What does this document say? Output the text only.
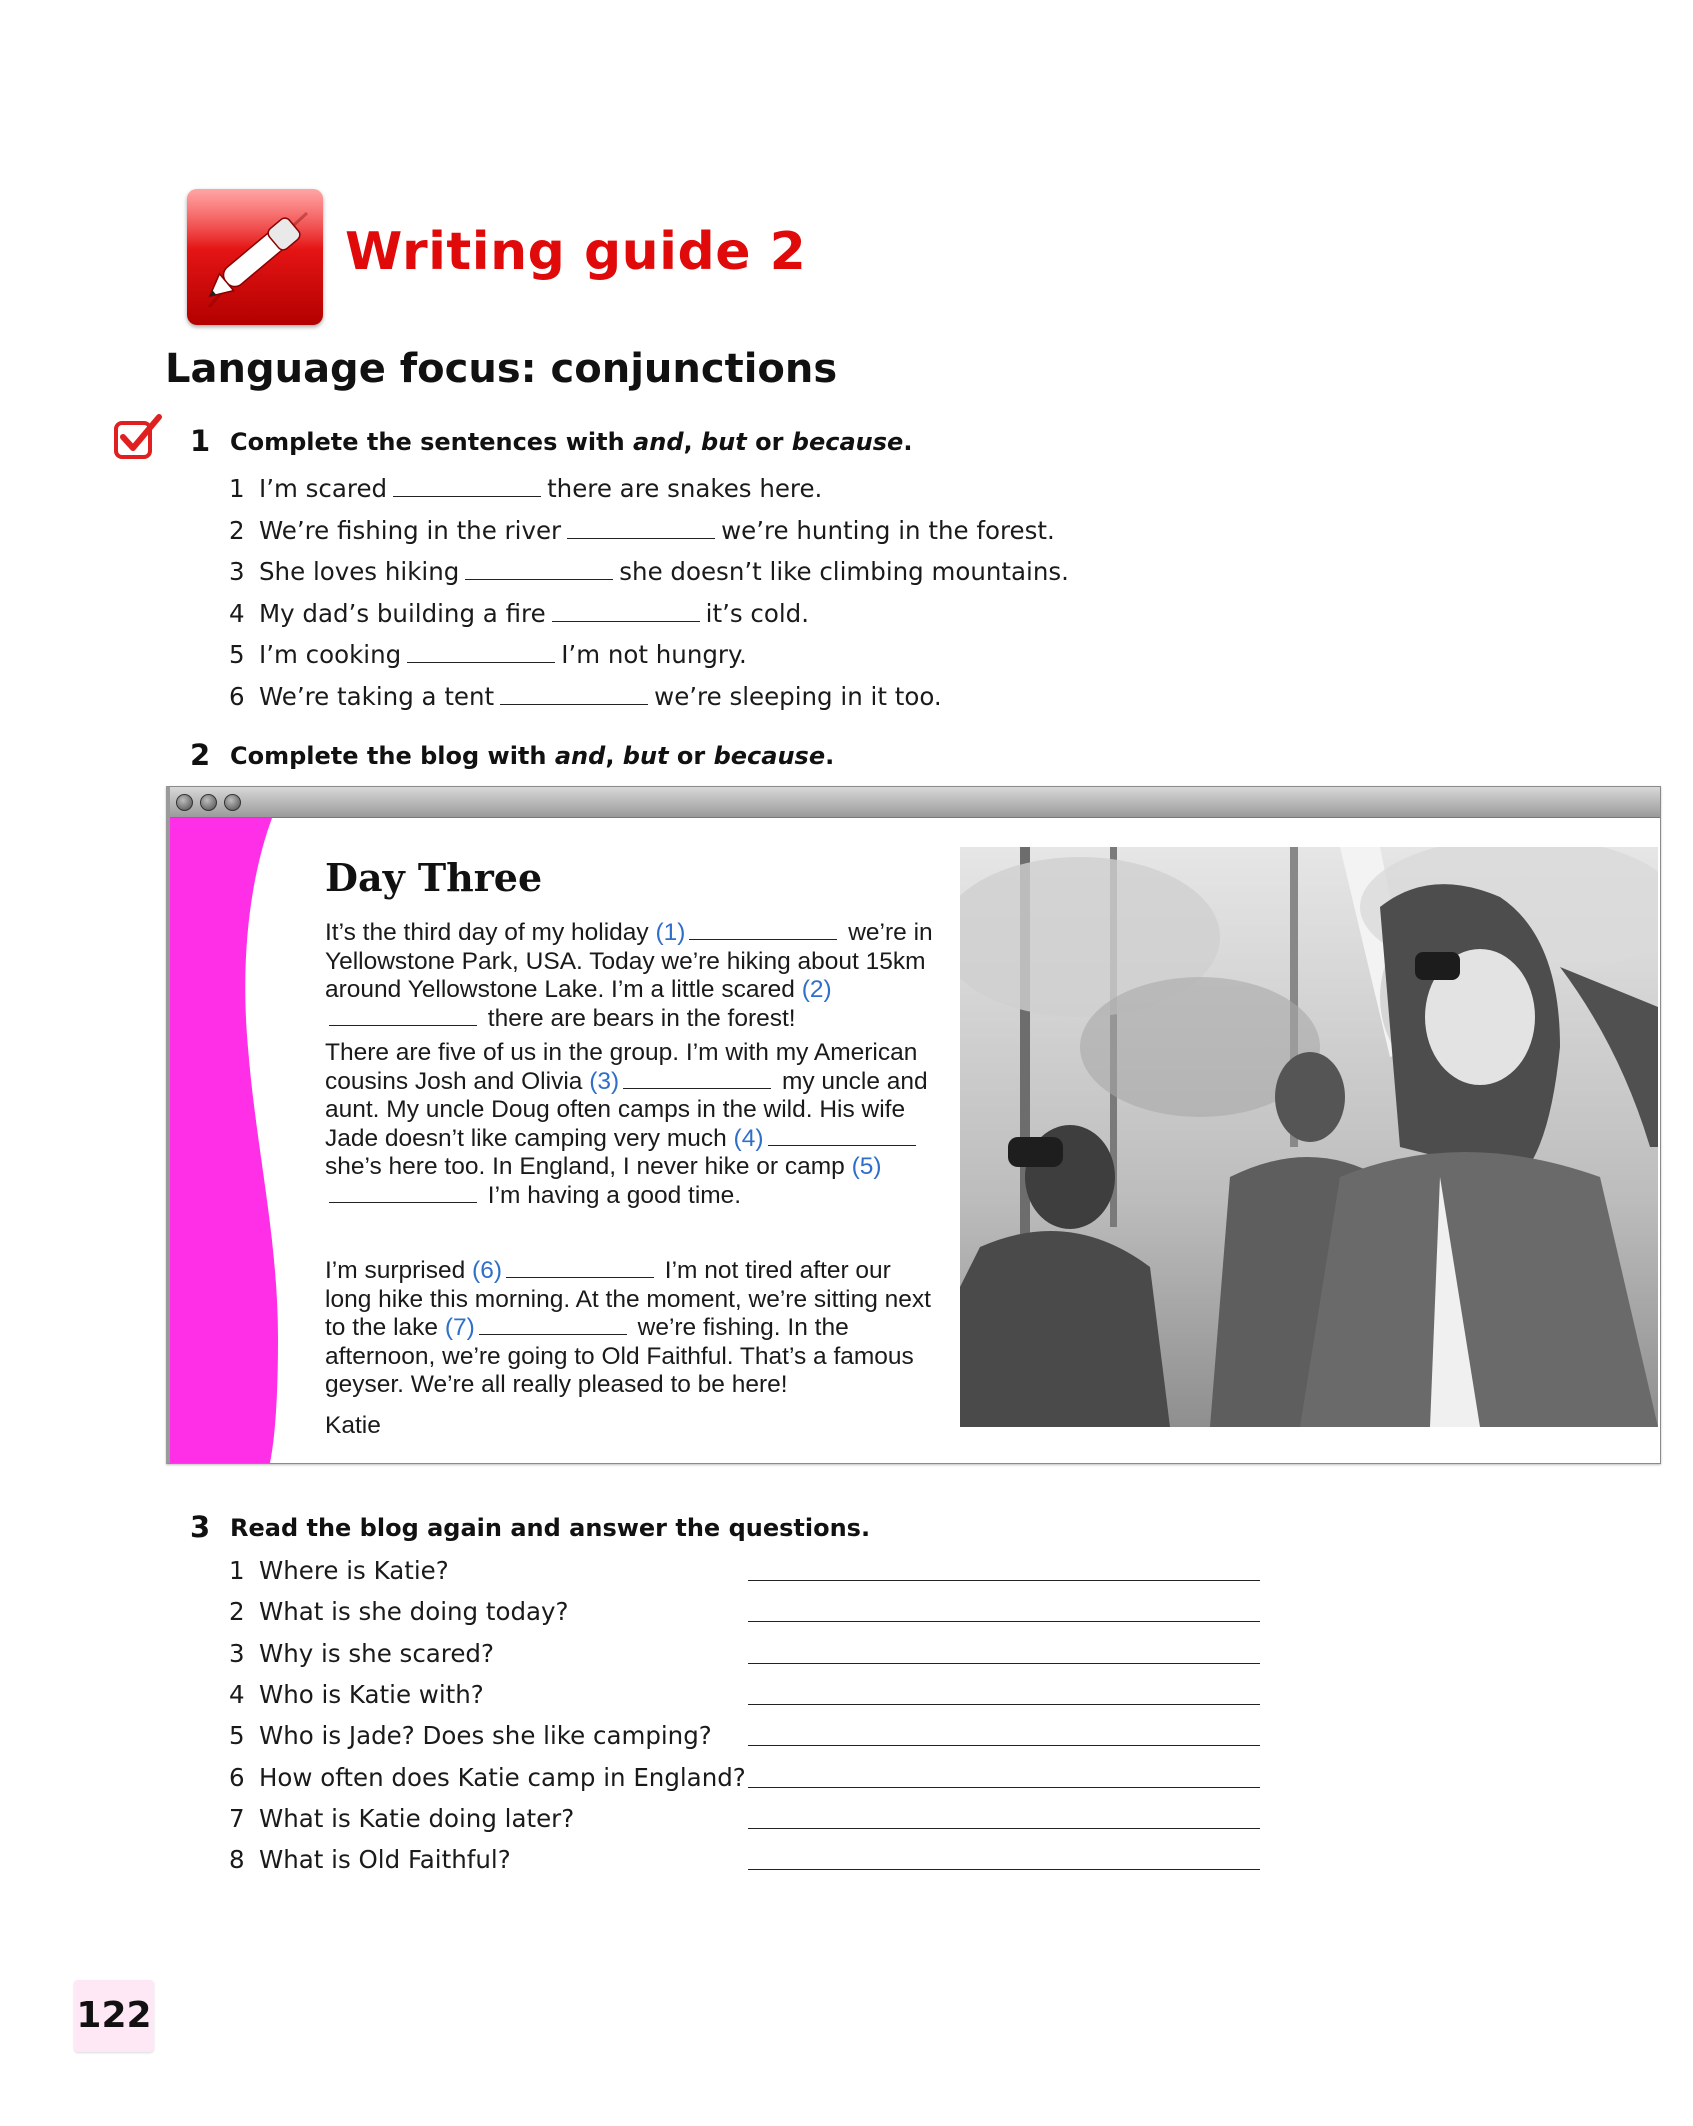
Writing guide 2
Language focus: conjunctions
1 Complete the sentences with and, but or because.
1 I’m scared	there are snakes here.
2 We’re fishing in the river	we’re hunting in the forest.
3 She loves hiking	she doesn’t like climbing mountains.
4 My dad’s building a fire	it’s cold.
5 I’m cooking	I’m not hungry.
6 We’re taking a tent	we’re sleeping in it too.
2 Complete the blog with and, but or because.
Day Three
It’s the third day of my holiday (1)	we’re in Yellowstone Park, USA. Today we’re hiking about 15km around Yellowstone Lake. I’m a little scared (2) there are bears in the forest!
There are five of us in the group. I’m with my American cousins Josh and Olivia (3)	my uncle and aunt. My uncle Doug often camps in the wild. His wife Jade doesn’t like camping very much (4) she’s here too. In England, I never hike or camp (5) I’m having a good time.
I’m surprised (6)	I’m not tired after our long hike this morning. At the moment, we’re sitting next to the lake (7)	we’re fishing. In the afternoon, we’re going to Old Faithful. That’s a famous geyser. We’re all really pleased to be here!
Katie
3 Read the blog again and answer the questions.
1 Where is Katie?
2 What is she doing today?
3 Why is she scared?
4 Who is Katie with?
5 Who is Jade? Does she like camping?
6 How often does Katie camp in England?
7 What is Katie doing later?
8 What is Old Faithful?
122
